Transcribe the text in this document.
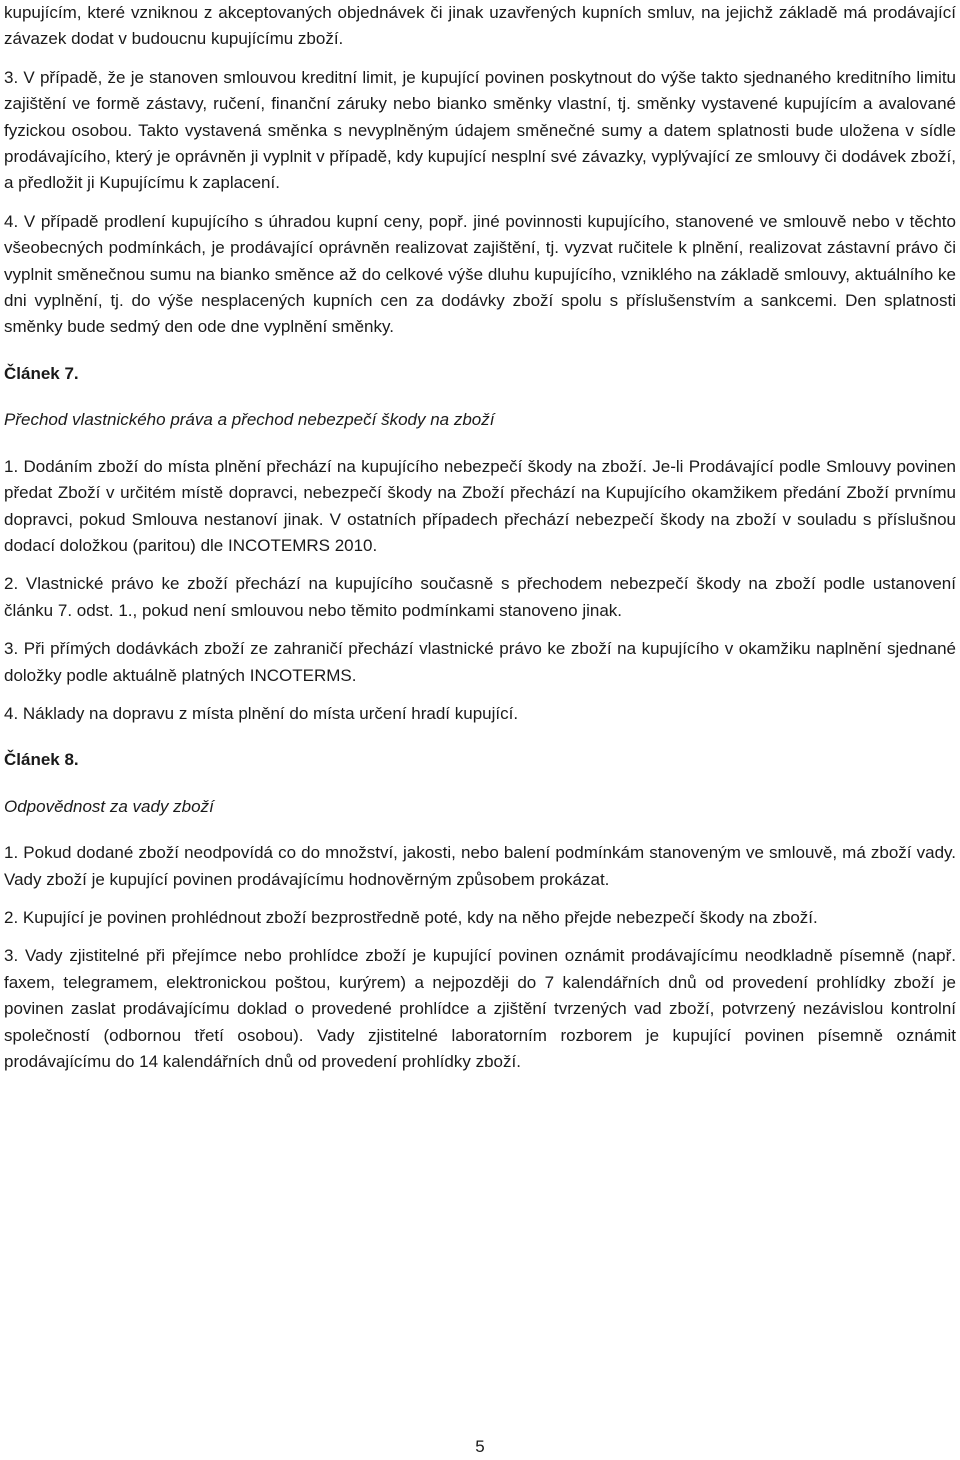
kupujícím, které vzniknou z akceptovaných objednávek či jinak uzavřených kupních smluv, na jejichž základě má prodávající závazek dodat v budoucnu kupujícímu zboží.

3. V případě, že je stanoven smlouvou kreditní limit, je kupující povinen poskytnout do výše takto sjednaného kreditního limitu zajištění ve formě zástavy, ručení, finanční záruky nebo bianko směnky vlastní, tj. směnky vystavené kupujícím a avalované fyzickou osobou. Takto vystavená směnka s nevyplněným údajem směnečné sumy a datem splatnosti bude uložena v sídle prodávajícího, který je oprávněn ji vyplnit v případě, kdy kupující nesplní své závazky, vyplývající ze smlouvy či dodávek zboží, a předložit ji Kupujícímu k zaplacení.

4. V případě prodlení kupujícího s úhradou kupní ceny, popř. jiné povinnosti kupujícího, stanovené ve smlouvě nebo v těchto všeobecných podmínkách, je prodávající oprávněn realizovat zajištění, tj. vyzvat ručitele k plnění, realizovat zástavní právo či vyplnit směnečnou sumu na bianko směnce až do celkové výše dluhu kupujícího, vzniklého na základě smlouvy, aktuálního ke dni vyplnění, tj. do výše nesplacených kupních cen za dodávky zboží spolu s příslušenstvím a sankcemi. Den splatnosti směnky bude sedmý den ode dne vyplnění směnky.

Článek 7.

Přechod vlastnického práva a přechod nebezpečí škody na zboží

1. Dodáním zboží do místa plnění přechází na kupujícího nebezpečí škody na zboží. Je-li Prodávající podle Smlouvy povinen předat Zboží v určitém místě dopravci, nebezpečí škody na Zboží přechází na Kupujícího okamžikem předání Zboží prvnímu dopravci, pokud Smlouva nestanoví jinak. V ostatních případech přechází nebezpečí škody na zboží v souladu s příslušnou dodací doložkou (paritou) dle INCOTEMRS 2010.

2. Vlastnické právo ke zboží přechází na kupujícího současně s přechodem nebezpečí škody na zboží podle ustanovení článku 7. odst. 1., pokud není smlouvou nebo těmito podmínkami stanoveno jinak.

3. Při přímých dodávkách zboží ze zahraničí přechází vlastnické právo ke zboží na kupujícího v okamžiku naplnění sjednané doložky podle aktuálně platných INCOTERMS.

4. Náklady na dopravu z místa plnění do místa určení hradí kupující.

Článek 8.

Odpovědnost za vady zboží

1. Pokud dodané zboží neodpovídá co do množství, jakosti, nebo balení podmínkám stanoveným ve smlouvě, má zboží vady. Vady zboží je kupující povinen prodávajícímu hodnověrným způsobem prokázat.

2. Kupující je povinen prohlédnout zboží bezprostředně poté, kdy na něho přejde nebezpečí škody na zboží.

3. Vady zjistitelné při přejímce nebo prohlídce zboží je kupující povinen oznámit prodávajícímu neodkladně písemně (např. faxem, telegramem, elektronickou poštou, kurýrem) a nejpozději do 7 kalendářních dnů od provedení prohlídky zboží je povinen zaslat prodávajícímu doklad o provedené prohlídce a zjištění tvrzených vad zboží, potvrzený nezávislou kontrolní společností (odbornou třetí osobou). Vady zjistitelné laboratorním rozborem je kupující povinen písemně oznámit prodávajícímu do 14 kalendářních dnů od provedení prohlídky zboží.

5
